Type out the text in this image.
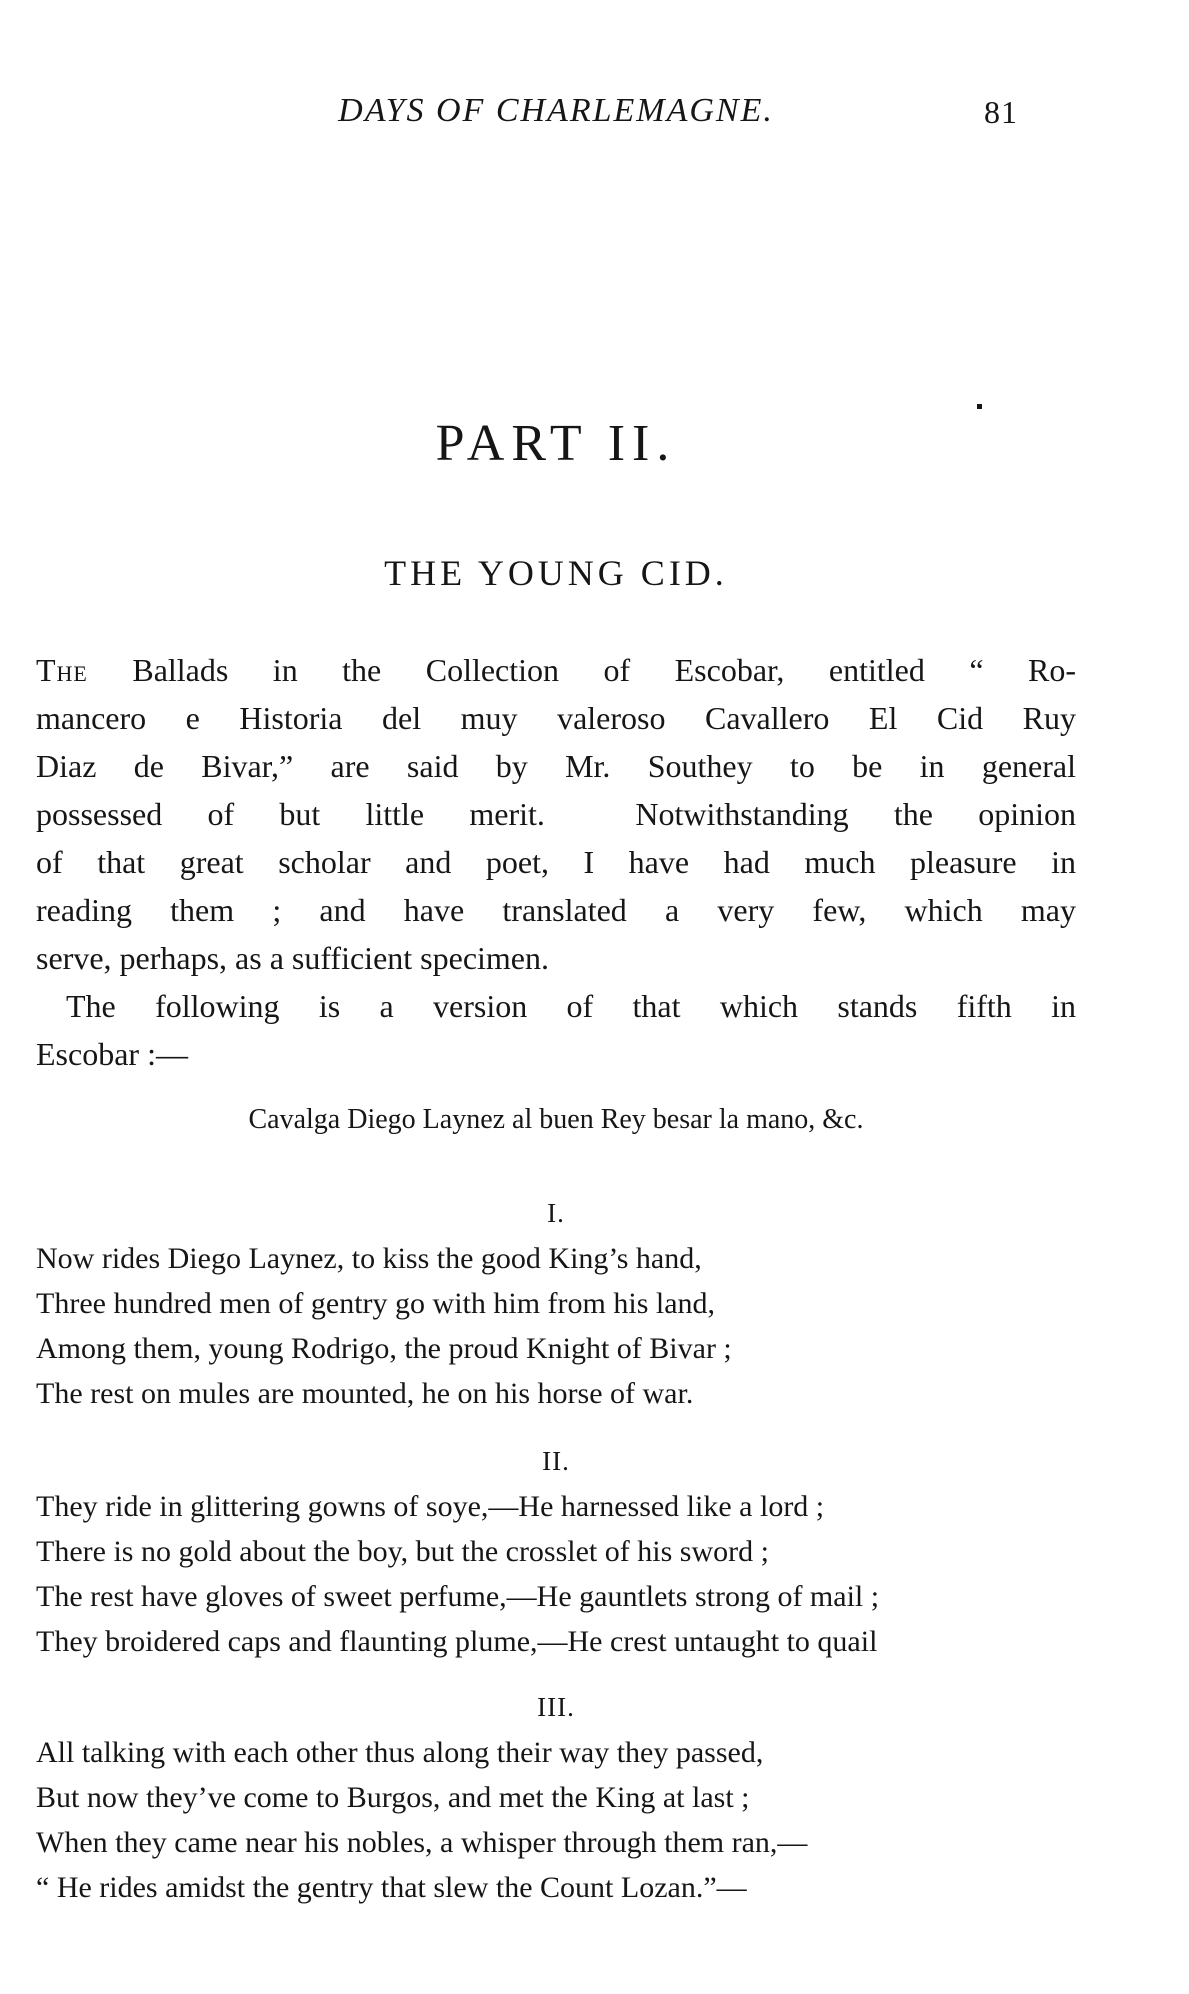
DAYS OF CHARLEMAGNE.	81
PART II.
THE YOUNG CID.
The Ballads in the Collection of Escobar, entitled “ Ro-
mancero e Historia del muy valeroso Cavallero El Cid Ruy
Diaz de Bivar,” are said by Mr. Southey to be in general
possessed of but little merit.  Notwithstanding the opinion
of that great scholar and poet, I have had much pleasure in
reading them ; and have translated a very few, which may
serve, perhaps, as a sufficient specimen.
The following is a version of that which stands fifth in
Escobar :—
Cavalga Diego Laynez al buen Rey besar la mano, &c.
I.
Now rides Diego Laynez, to kiss the good King’s hand,
Three hundred men of gentry go with him from his land,
Among them, young Rodrigo, the proud Knight of Bivar ;
The rest on mules are mounted, he on his horse of war.
II.
They ride in glittering gowns of soye,—He harnessed like a lord ;
There is no gold about the boy, but the crosslet of his sword ;
The rest have gloves of sweet perfume,—He gauntlets strong of mail ;
They broidered caps and flaunting plume,—He crest untaught to quail
III.
All talking with each other thus along their way they passed,
But now they’ve come to Burgos, and met the King at last ;
When they came near his nobles, a whisper through them ran,—
“ He rides amidst the gentry that slew the Count Lozan.”—
